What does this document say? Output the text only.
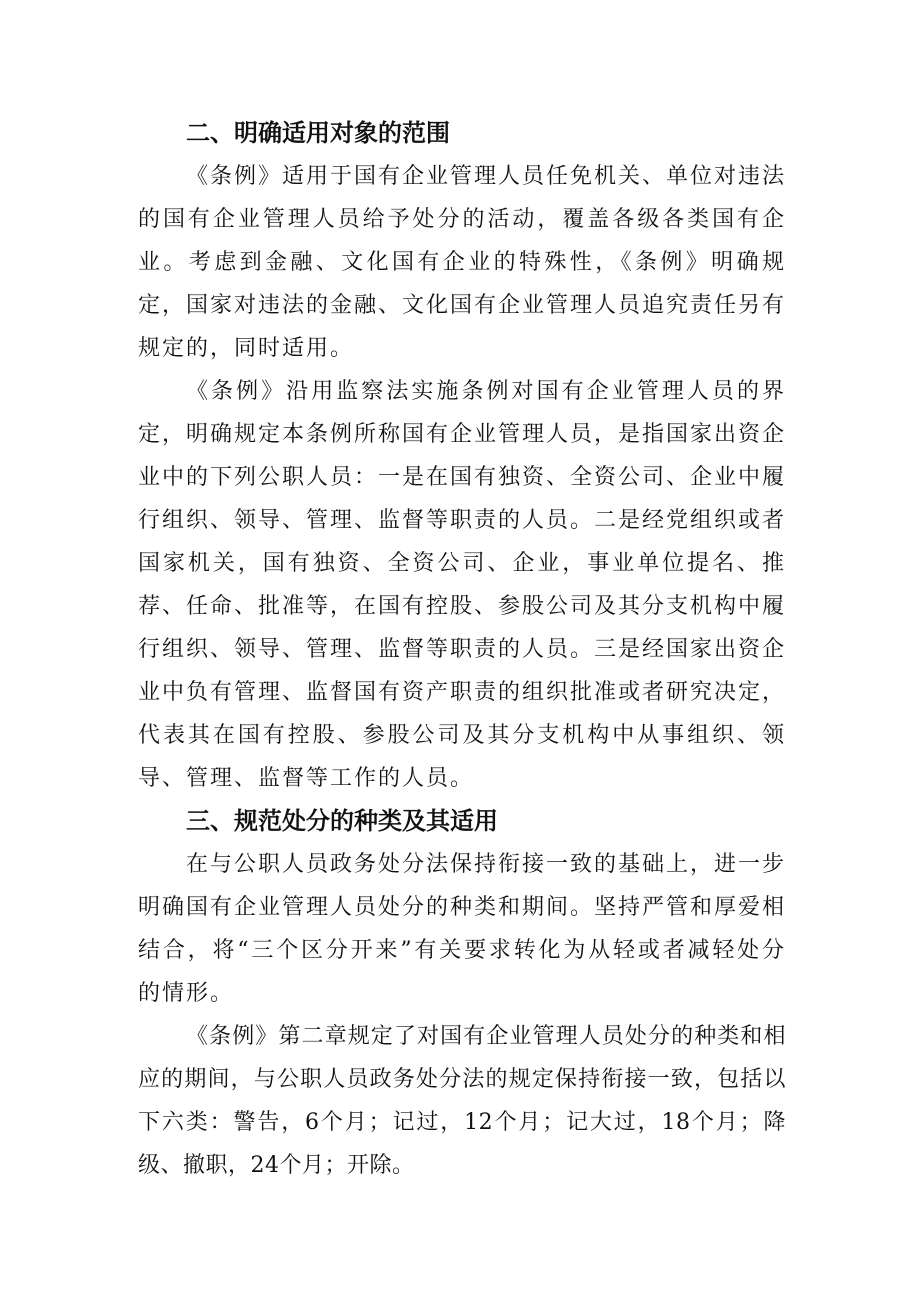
二、明确适用对象的范围

《条例》适用于国有企业管理人员任免机关、单位对违法的国有企业管理人员给予处分的活动，覆盖各级各类国有企业。考虑到金融、文化国有企业的特殊性，《条例》明确规定，国家对违法的金融、文化国有企业管理人员追究责任另有规定的，同时适用。

《条例》沿用监察法实施条例对国有企业管理人员的界定，明确规定本条例所称国有企业管理人员，是指国家出资企业中的下列公职人员：一是在国有独资、全资公司、企业中履行组织、领导、管理、监督等职责的人员。二是经党组织或者国家机关，国有独资、全资公司、企业，事业单位提名、推荐、任命、批准等，在国有控股、参股公司及其分支机构中履行组织、领导、管理、监督等职责的人员。三是经国家出资企业中负有管理、监督国有资产职责的组织批准或者研究决定，代表其在国有控股、参股公司及其分支机构中从事组织、领导、管理、监督等工作的人员。

三、规范处分的种类及其适用

在与公职人员政务处分法保持衔接一致的基础上，进一步明确国有企业管理人员处分的种类和期间。坚持严管和厚爱相结合，将“三个区分开来”有关要求转化为从轻或者减轻处分的情形。

《条例》第二章规定了对国有企业管理人员处分的种类和相应的期间，与公职人员政务处分法的规定保持衔接一致，包括以下六类：警告，6个月；记过，12个月；记大过，18个月；降级、撤职，24个月；开除。
